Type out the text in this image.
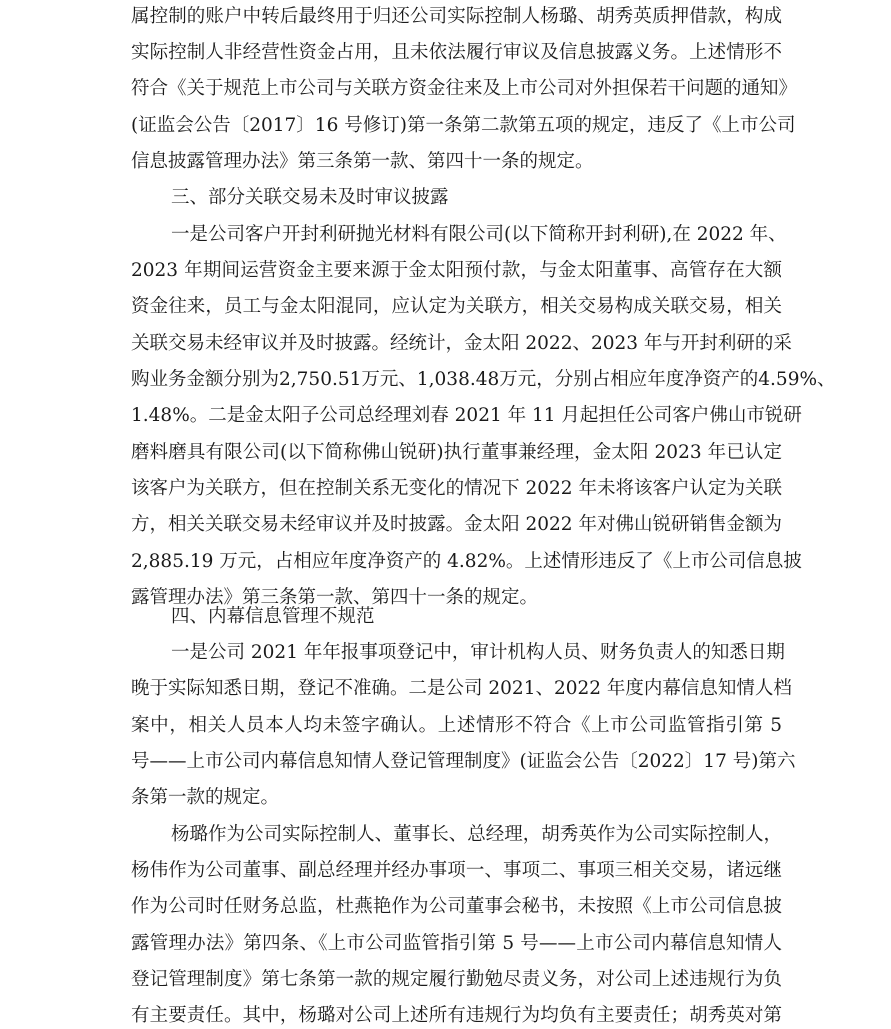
属控制的账户中转后最终用于归还公司实际控制人杨璐、胡秀英质押借款，构成
实际控制人非经营性资金占用，且未依法履行审议及信息披露义务。上述情形不
符合《关于规范上市公司与关联方资金往来及上市公司对外担保若干问题的通知》
(证监会公告〔2017〕16 号修订)第一条第二款第五项的规定，违反了《上市公司
信息披露管理办法》第三条第一款、第四十一条的规定。
三、部分关联交易未及时审议披露
一是公司客户开封利研抛光材料有限公司(以下简称开封利研),在 2022 年、
2023 年期间运营资金主要来源于金太阳预付款，与金太阳董事、高管存在大额
资金往来，员工与金太阳混同，应认定为关联方，相关交易构成关联交易，相关
关联交易未经审议并及时披露。经统计，金太阳 2022、2023 年与开封利研的采
购业务金额分别为2,750.51万元、1,038.48万元，分别占相应年度净资产的4.59%、
1.48%。二是金太阳子公司总经理刘春 2021 年 11 月起担任公司客户佛山市锐研
磨料磨具有限公司(以下简称佛山锐研)执行董事兼经理，金太阳 2023 年已认定
该客户为关联方，但在控制关系无变化的情况下 2022 年未将该客户认定为关联
方，相关关联交易未经审议并及时披露。金太阳 2022 年对佛山锐研销售金额为
2,885.19 万元，占相应年度净资产的 4.82%。上述情形违反了《上市公司信息披
露管理办法》第三条第一款、第四十一条的规定。
四、内幕信息管理不规范
一是公司 2021 年年报事项登记中，审计机构人员、财务负责人的知悉日期
晚于实际知悉日期，登记不准确。二是公司 2021、2022 年度内幕信息知情人档
案中，相关人员本人均未签字确认。上述情形不符合《上市公司监管指引第 5
号——上市公司内幕信息知情人登记管理制度》(证监会公告〔2022〕17 号)第六
条第一款的规定。
杨璐作为公司实际控制人、董事长、总经理，胡秀英作为公司实际控制人，
杨伟作为公司董事、副总经理并经办事项一、事项二、事项三相关交易，诸远继
作为公司时任财务总监，杜燕艳作为公司董事会秘书，未按照《上市公司信息披
露管理办法》第四条、《上市公司监管指引第 5 号——上市公司内幕信息知情人
登记管理制度》第七条第一款的规定履行勤勉尽责义务，对公司上述违规行为负
有主要责任。其中，杨璐对公司上述所有违规行为均负有主要责任；胡秀英对第
